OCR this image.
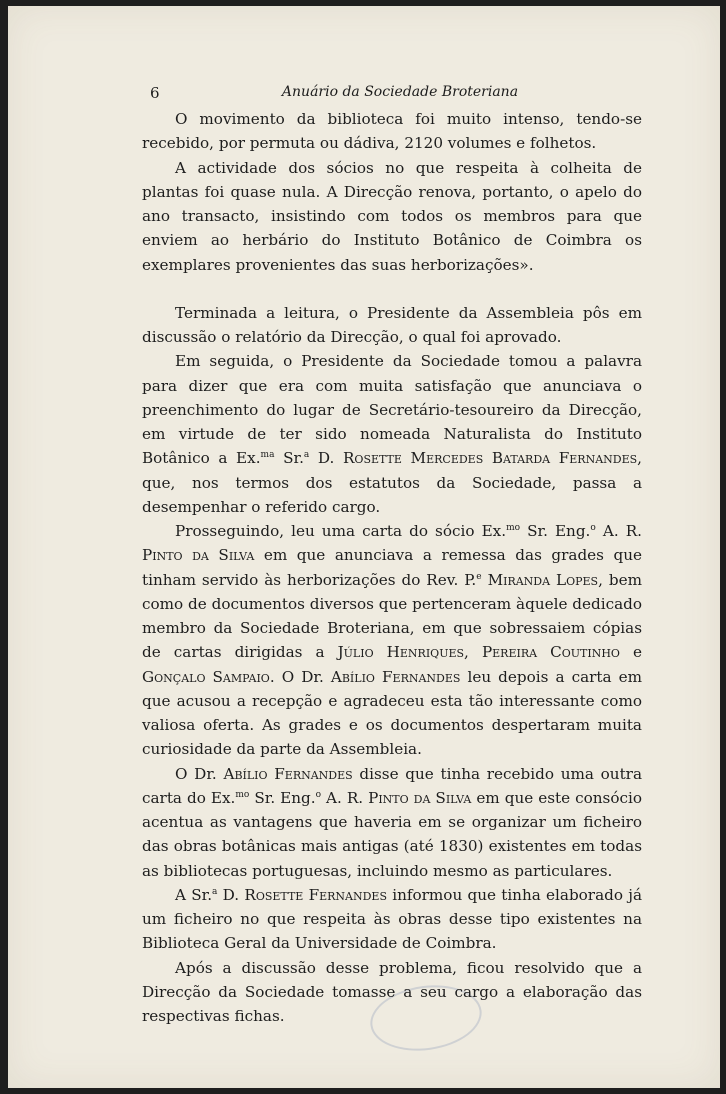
6	Anuário da Sociedade Broteriana

O movimento da biblioteca foi muito intenso, tendo-se recebido, por permuta ou dádiva, 2120 volumes e folhetos.

A actividade dos sócios no que respeita à colheita de plantas foi quase nula. A Direcção renova, portanto, o apelo do ano transacto, insistindo com todos os membros para que enviem ao herbário do Instituto Botânico de Coimbra os exemplares provenientes das suas herborizações».

Terminada a leitura, o Presidente da Assembleia pôs em discussão o relatório da Direcção, o qual foi aprovado.

Em seguida, o Presidente da Sociedade tomou a palavra para dizer que era com muita satisfação que anunciava o preenchimento do lugar de Secretário-tesoureiro da Direcção, em virtude de ter sido nomeada Naturalista do Instituto Botânico a Ex.$^{ma}$ Sr.$^a$ D. Rosette Mercedes Batarda Fernandes, que, nos termos dos estatutos da Sociedade, passa a desempenhar o referido cargo.

Prosseguindo, leu uma carta do sócio Ex.$^{mo}$ Sr. Eng.$^o$ A. R. Pinto da Silva em que anunciava a remessa das grades que tinham servido às herborizações do Rev. P.$^e$ Miranda Lopes, bem como de documentos diversos que pertenceram àquele dedicado membro da Sociedade Broteriana, em que sobressaiem cópias de cartas dirigidas a Júlio Henriques, Pereira Coutinho e Gonçalo Sampaio. O Dr. Abílio Fernandes leu depois a carta em que acusou a recepção e agradeceu esta tão interessante como valiosa oferta. As grades e os documentos despertaram muita curiosidade da parte da Assembleia.

O Dr. Abílio Fernandes disse que tinha recebido uma outra carta do Ex.$^{mo}$ Sr. Eng.$^o$ A. R. Pinto da Silva em que este consócio acentua as vantagens que haveria em se organizar um ficheiro das obras botânicas mais antigas (até 1830) existentes em todas as bibliotecas portuguesas, incluindo mesmo as particulares.

A Sr.$^a$ D. Rosette Fernandes informou que tinha elaborado já um ficheiro no que respeita às obras desse tipo existentes na Biblioteca Geral da Universidade de Coimbra.

Após a discussão desse problema, ficou resolvido que a Direcção da Sociedade tomasse a seu cargo a elaboração das respectivas fichas.
